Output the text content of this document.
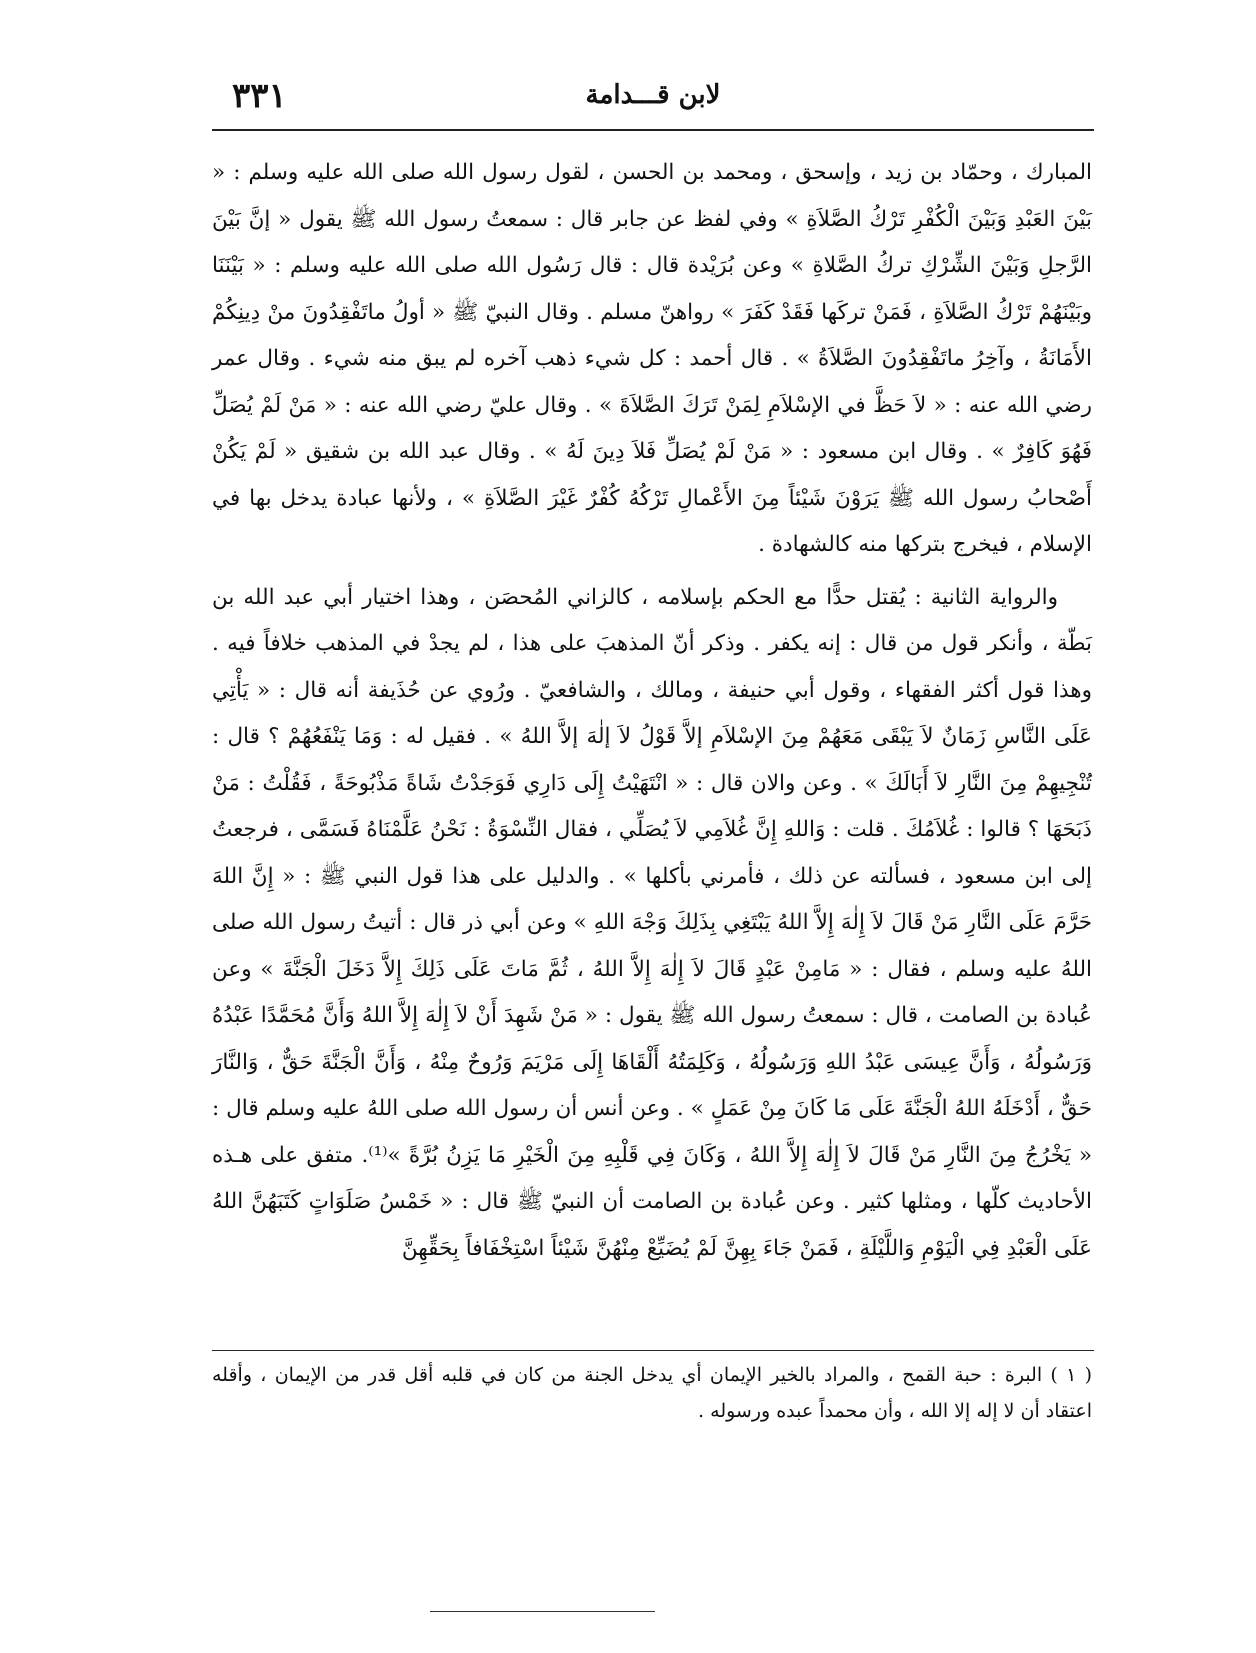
٣٣١	لابن قـــدامة

المبارك ، وحمّاد بن زيد ، وإسحق ، ومحمد بن الحسن ، لقول رسول الله صلى الله عليه وسلم : « بَيْنَ العَبْدِ وَبَيْنَ الْكُفْرِ تَرْكُ الصَّلاَةِ » وفي لفظ عن جابر قال : سمعتُ رسول الله ﷺ يقول « إنَّ بَيْنَ الرَّجلِ وَبَيْنَ الشِّرْكِ تركُ الصَّلاةِ » وعن بُرَيْدة قال : قال رَسُول الله صلى الله عليه وسلم : « بَيْنَنَا وبَيْنَهُمْ تَرْكُ الصَّلاَةِ ، فَمَنْ تركَها فَقَدْ كَفَرَ » رواهنّ مسلم . وقال النبيّ ﷺ « أولُ ماتَفْقِدُونَ منْ دِينِكُمْ الأَمَانَةُ ، وآخِرُ ماتَفْقِدُونَ الصَّلاَةُ » . قال أحمد : كل شيء ذهب آخره لم يبق منه شيء . وقال عمر رضي الله عنه : « لاَ حَظَّ في الإسْلاَمِ لِمَنْ تَرَكَ الصَّلاَةَ » . وقال عليّ رضي الله عنه : « مَنْ لَمْ يُصَلِّ فَهُوَ كَافِرٌ » . وقال ابن مسعود : « مَنْ لَمْ يُصَلِّ فَلاَ دِينَ لَهُ » . وقال عبد الله بن شقيق « لَمْ يَكُنْ أَصْحابُ رسول الله ﷺ يَرَوْنَ شَيْئاً مِنَ الأَعْمالِ تَرْكُهُ كُفْرٌ غَيْرَ الصَّلاَةِ » ، ولأنها عبادة يدخل بها في الإسلام ، فيخرج بتركها منه كالشهادة .

والرواية الثانية : يُقتل حدًّا مع الحكم بإسلامه ، كالزاني المُحصَن ، وهذا اختيار أبي عبد الله بن بَطّة ، وأنكر قول من قال : إنه يكفر . وذكر أنّ المذهبَ على هذا ، لم يجدْ في المذهب خلافاً فيه . وهذا قول أكثر الفقهاء ، وقول أبي حنيفة ، ومالك ، والشافعيّ . ورُوي عن حُذَيفة أنه قال : « يَأْتِي عَلَى النَّاسِ زَمَانٌ لاَ يَبْقَى مَعَهُمْ مِنَ الإسْلاَمِ إلاَّ قَوْلُ لاَ إلٰهَ إلاَّ اللهُ » . فقيل له : وَمَا يَنْفَعُهُمْ ؟ قال : تُنْجِيهِمْ مِنَ النَّارِ لاَ أَبَالَكَ » . وعن والان قال : « انْتَهَيْتُ إِلَى دَارِي فَوَجَدْتُ شَاةً مَذْبُوحَةً ، فَقُلْتُ : مَنْ ذَبَحَهَا ؟ قالوا : غُلاَمُكَ . قلت : وَاللهِ إِنَّ غُلاَمِي لاَ يُصَلِّي ، فقال النِّسْوَةُ : نَحْنُ عَلَّمْنَاهُ فَسَمَّى ، فرجعتُ إلى ابن مسعود ، فسألته عن ذلك ، فأمرني بأكلها » . والدليل على هذا قول النبي ﷺ : « إِنَّ اللهَ حَرَّمَ عَلَى النَّارِ مَنْ قَالَ لاَ إِلٰهَ إِلاَّ اللهُ يَبْتَغِي بِذَلِكَ وَجْهَ اللهِ » وعن أبي ذر قال : أتيتُ رسول الله صلى اللهُ عليه وسلم ، فقال : « مَامِنْ عَبْدٍ قَالَ لاَ إِلٰهَ إِلاَّ اللهُ ، ثُمَّ مَاتَ عَلَى ذَلِكَ إِلاَّ دَخَلَ الْجَنَّةَ » وعن عُبادة بن الصامت ، قال : سمعتُ رسول الله ﷺ يقول : « مَنْ شَهِدَ أَنْ لاَ إِلٰهَ إِلاَّ اللهُ وَأَنَّ مُحَمَّدًا عَبْدُهُ وَرَسُولُهُ ، وَأَنَّ عِيسَى عَبْدُ اللهِ وَرَسُولُهُ ، وَكَلِمَتُهُ أَلْقَاهَا إِلَى مَرْيَمَ وَرُوحٌ مِنْهُ ، وَأَنَّ الْجَنَّةَ حَقٌّ ، وَالنَّارَ حَقٌّ ، أَدْخَلَهُ اللهُ الْجَنَّةَ عَلَى مَا كَانَ مِنْ عَمَلٍ » . وعن أنس أن رسول الله صلى اللهُ عليه وسلم قال : « يَخْرُجُ مِنَ النَّارِ مَنْ قَالَ لاَ إِلٰهَ إِلاَّ اللهُ ، وَكَانَ فِي قَلْبِهِ مِنَ الْخَيْرِ مَا يَزِنُ بُرَّةً »⁽¹⁾. متفق على هـذه الأحاديث كلّها ، ومثلها كثير . وعن عُبادة بن الصامت أن النبيّ ﷺ قال : « خَمْسُ صَلَوَاتٍ كَتَبَهُنَّ اللهُ عَلَى الْعَبْدِ فِي الْيَوْمِ وَاللَّيْلَةِ ، فَمَنْ جَاءَ بِهِنَّ لَمْ يُضَيِّعْ مِنْهُنَّ شَيْئاً اسْتِخْفَافاً بِحَقِّهِنَّ

( ١ ) البرة : حبة القمح ، والمراد بالخير الإيمان أي يدخل الجنة من كان في قلبه أقل قدر من الإيمان ، وأقله اعتقاد أن لا إله إلا الله ، وأن محمداً عبده ورسوله .
